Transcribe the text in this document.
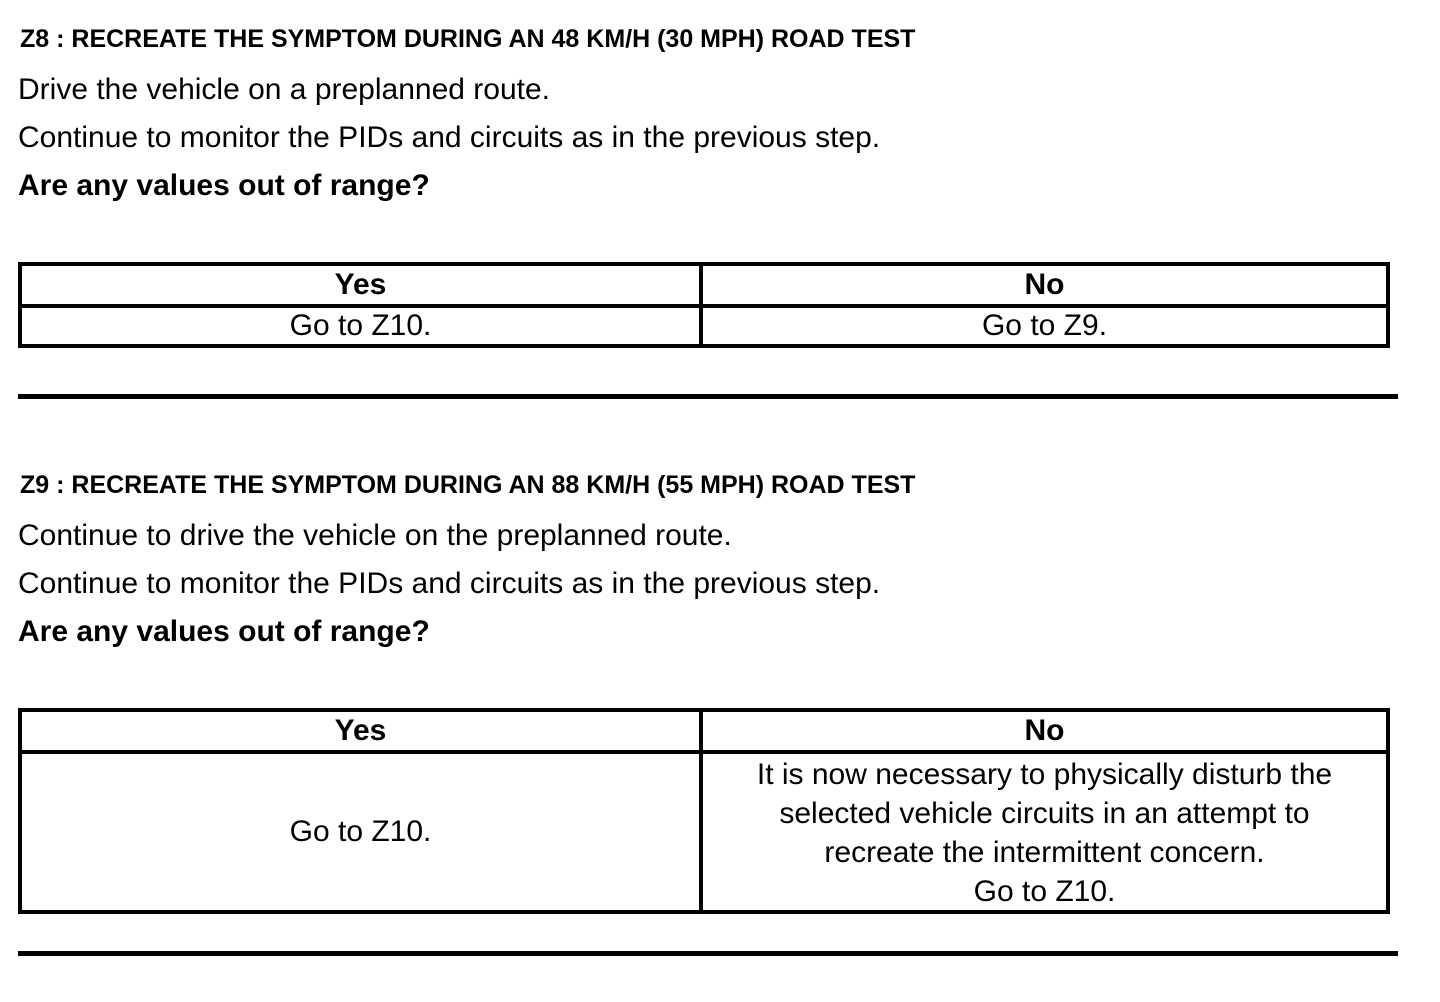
Z8 : RECREATE THE SYMPTOM DURING AN 48 KM/H (30 MPH) ROAD TEST

Drive the vehicle on a preplanned route.

Continue to monitor the PIDs and circuits as in the previous step.

Are any values out of range?

Yes	No
Go to Z10.	Go to Z9.
Z9 : RECREATE THE SYMPTOM DURING AN 88 KM/H (55 MPH) ROAD TEST

Continue to drive the vehicle on the preplanned route.

Continue to monitor the PIDs and circuits as in the previous step.

Are any values out of range?

Yes	No
Go to Z10.	It is now necessary to physically disturb the
selected vehicle circuits in an attempt to
recreate the intermittent concern.
Go to Z10.
